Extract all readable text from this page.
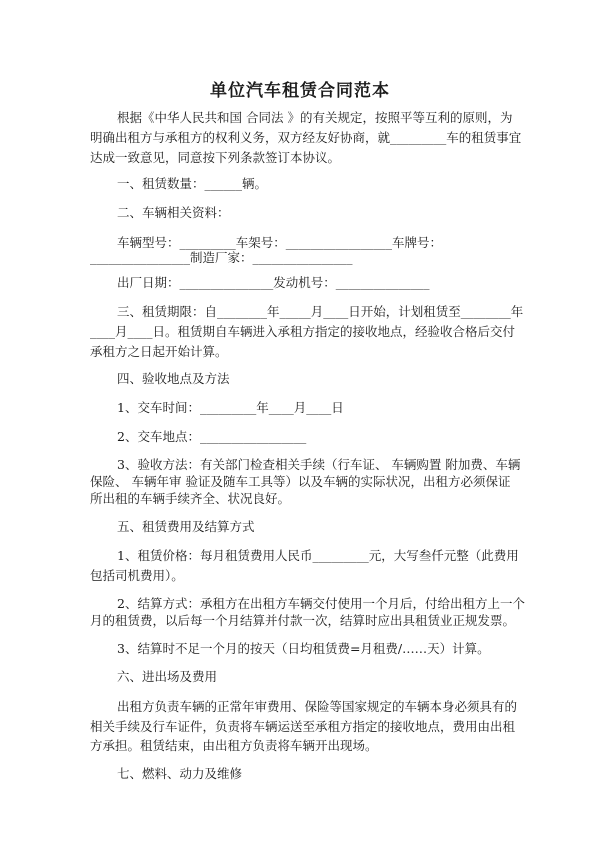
单位汽车租赁合同范本
根据《中华人民共和国 合同法 》的有关规定，按照平等互利的原则，为
明确出租方与承租方的权利义务，双方经友好协商，就_________车的租赁事宜
达成一致意见，同意按下列条款签订本协议。
一、租赁数量：______辆。
二、车辆相关资料：
车辆型号：_________车架号：_________________车牌号：
________________制造厂家：________________
出厂日期：_______________发动机号：_______________
三、租赁期限：自________年_____月____日开始，计划租赁至________年
____月____日。租赁期自车辆进入承租方指定的接收地点，经验收合格后交付
承租方之日起开始计算。
四、验收地点及方法
1、交车时间：_________年____月____日
2、交车地点：_________________
3、验收方法：有关部门检查相关手续（行车证、 车辆购置 附加费、车辆
保险、 车辆年审 验证及随车工具等）以及车辆的实际状况，出租方必须保证
所出租的车辆手续齐全、状况良好。
五、租赁费用及结算方式
1、租赁价格：每月租赁费用人民币_________元，大写叁仟元整（此费用
包括司机费用）。
2、结算方式：承租方在出租方车辆交付使用一个月后，付给出租方上一个
月的租赁费，以后每一个月结算并付款一次，结算时应出具租赁业正规发票。
3、结算时不足一个月的按天（日均租赁费=月租费/……天）计算。
六、进出场及费用
出租方负责车辆的正常年审费用、保险等国家规定的车辆本身必须具有的
相关手续及行车证件，负责将车辆运送至承租方指定的接收地点，费用由出租
方承担。租赁结束，由出租方负责将车辆开出现场。
七、燃料、动力及维修
